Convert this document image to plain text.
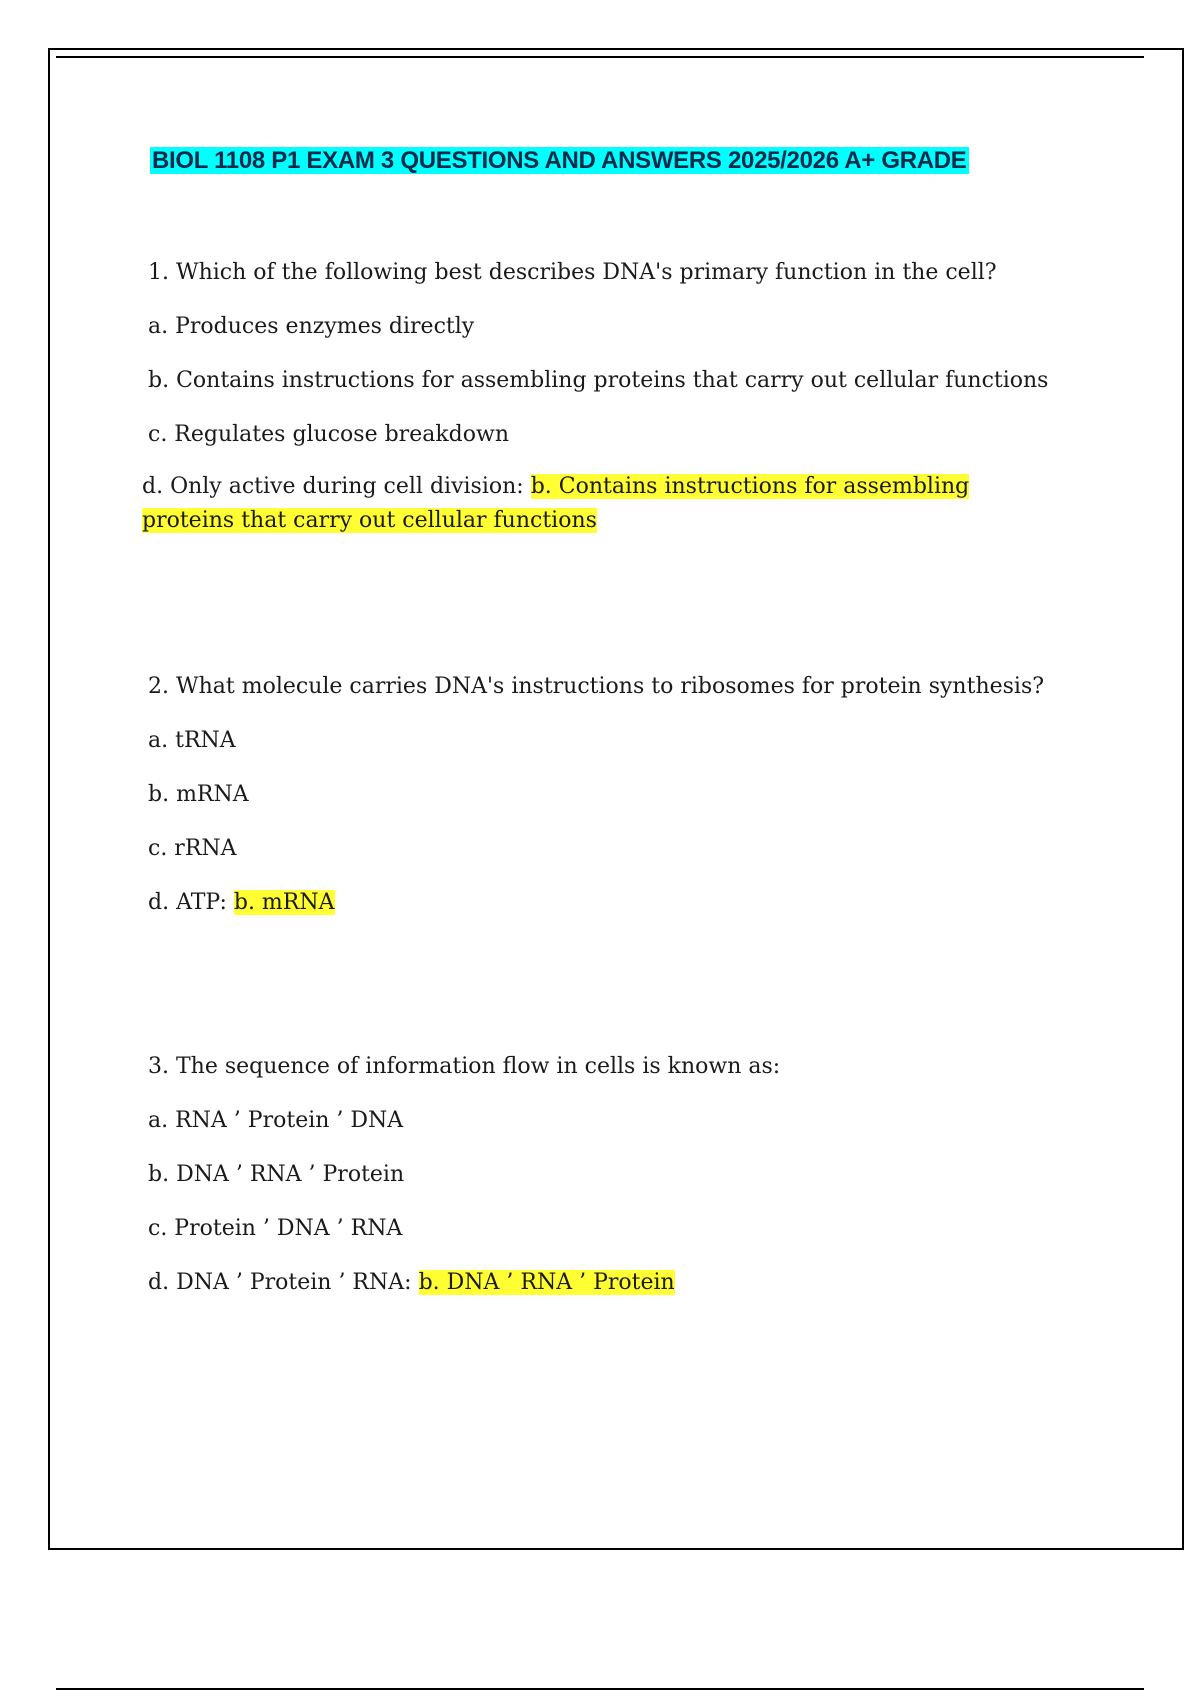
BIOL 1108 P1 EXAM 3 QUESTIONS AND ANSWERS 2025/2026 A+ GRADE

1. Which of the following best describes DNA's primary function in the cell?

a. Produces enzymes directly

b. Contains instructions for assembling proteins that carry out cellular functions

c. Regulates glucose breakdown

d. Only active during cell division: b. Contains instructions for assembling proteins that carry out cellular functions

2. What molecule carries DNA's instructions to ribosomes for protein synthesis?

a. tRNA

b. mRNA

c. rRNA

d. ATP: b. mRNA

3. The sequence of information flow in cells is known as:

a. RNA ’ Protein ’ DNA

b. DNA ’ RNA ’ Protein

c. Protein ’ DNA ’ RNA

d. DNA ’ Protein ’ RNA: b. DNA ’ RNA ’ Protein
